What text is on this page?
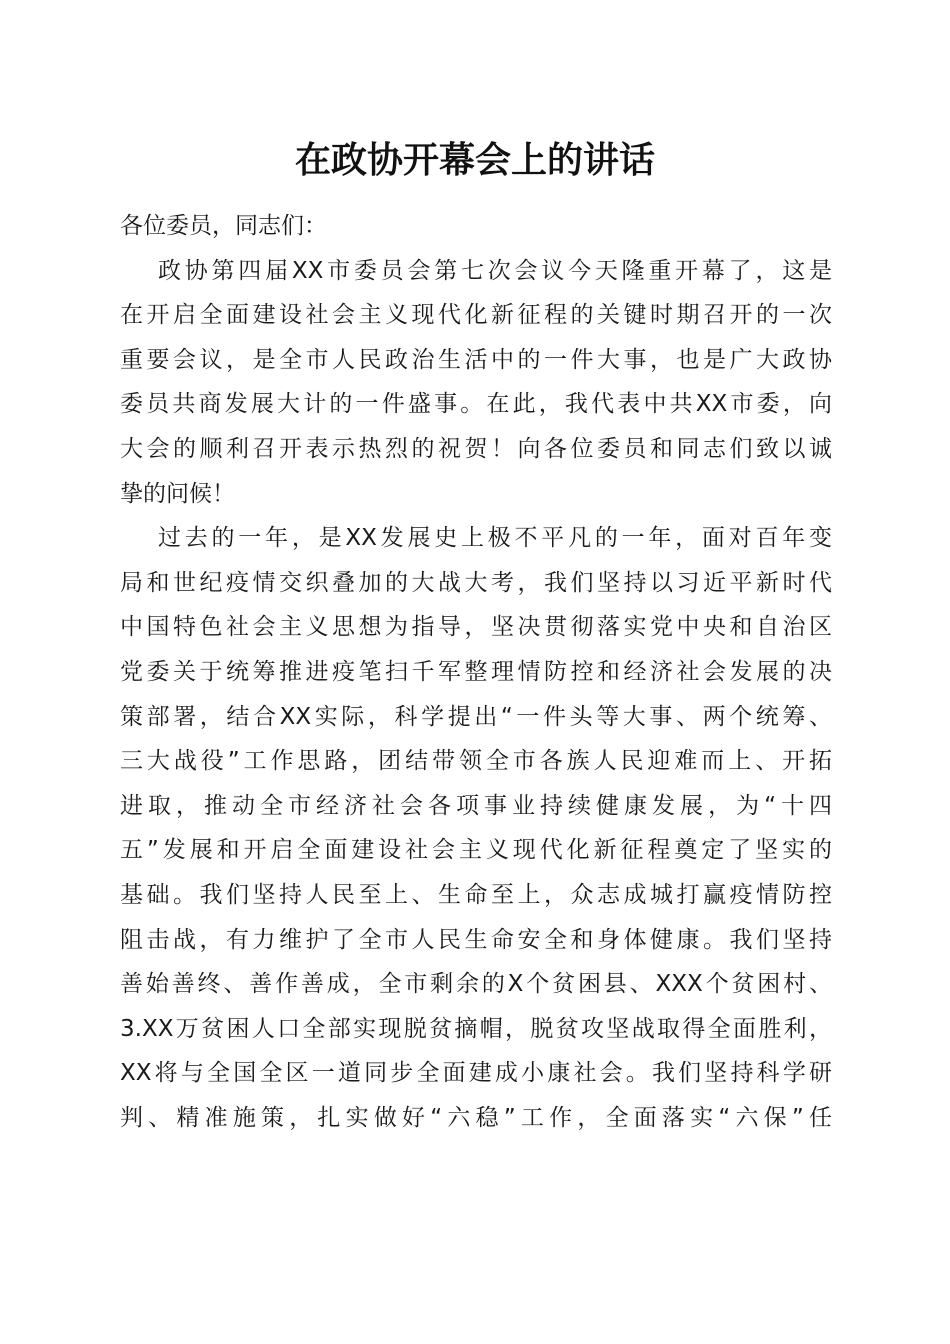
在政协开幕会上的讲话
各位委员，同志们：
政协第四届XX市委员会第七次会议今天隆重开幕了，这是
在开启全面建设社会主义现代化新征程的关键时期召开的一次
重要会议，是全市人民政治生活中的一件大事，也是广大政协
委员共商发展大计的一件盛事。在此，我代表中共XX市委，向
大会的顺利召开表示热烈的祝贺！向各位委员和同志们致以诚
挚的问候！
过去的一年，是XX发展史上极不平凡的一年，面对百年变
局和世纪疫情交织叠加的大战大考，我们坚持以习近平新时代
中国特色社会主义思想为指导，坚决贯彻落实党中央和自治区
党委关于统筹推进疫笔扫千军整理情防控和经济社会发展的决
策部署，结合XX实际，科学提出“一件头等大事、两个统筹、
三大战役”工作思路，团结带领全市各族人民迎难而上、开拓
进取，推动全市经济社会各项事业持续健康发展，为“十四
五”发展和开启全面建设社会主义现代化新征程奠定了坚实的
基础。我们坚持人民至上、生命至上，众志成城打赢疫情防控
阻击战，有力维护了全市人民生命安全和身体健康。我们坚持
善始善终、善作善成，全市剩余的X个贫困县、XXX个贫困村、
3.XX万贫困人口全部实现脱贫摘帽，脱贫攻坚战取得全面胜利，
XX将与全国全区一道同步全面建成小康社会。我们坚持科学研
判、精准施策，扎实做好“六稳”工作，全面落实“六保”任
